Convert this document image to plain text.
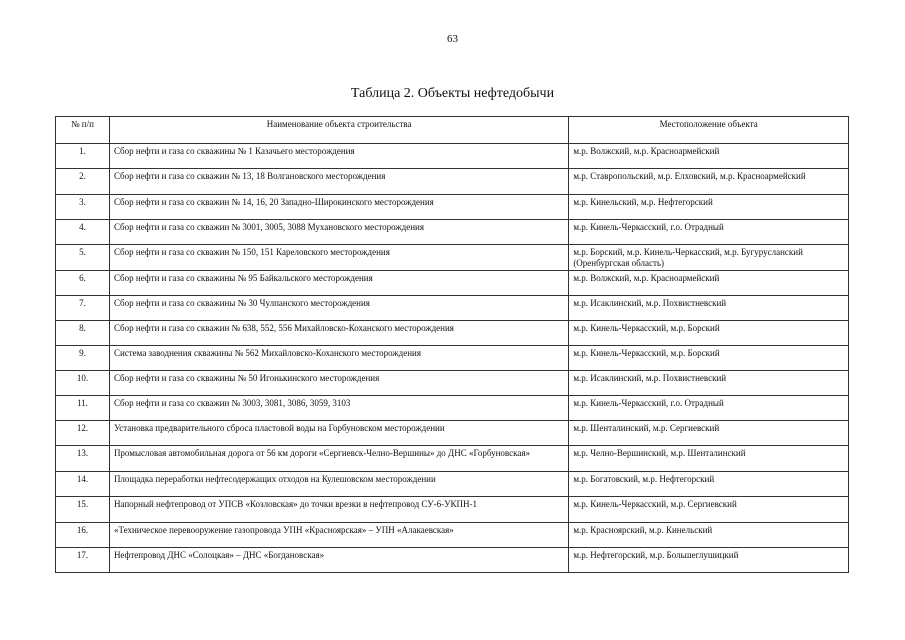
63
Таблица 2. Объекты нефтедобычи
№ п/п	Наименование объекта строительства	Местоположение объекта
1.	Сбор нефти и газа со скважины № 1 Казачьего месторождения	м.р. Волжский, м.р. Красноармейский
2.	Сбор нефти и газа со скважин № 13, 18 Волгановского месторождения	м.р. Ставропольский, м.р. Елховский, м.р. Красноармейский
3.	Сбор нефти и газа со скважин № 14, 16, 20 Западно-Широкинского месторождения	м.р. Кинельский, м.р. Нефтегорский
4.	Сбор нефти и газа со скважин № 3001, 3005, 3088 Мухановского месторождения	м.р. Кинель-Черкасский, г.о. Отрадный
5.	Сбор нефти и газа со скважин № 150, 151 Кареловского месторождения	м.р. Борский, м.р. Кинель-Черкасский, м.р. Бугурусланский (Оренбургская область)
6.	Сбор нефти и газа со скважины № 95 Байкальского месторождения	м.р. Волжский, м.р. Красноармейский
7.	Сбор нефти и газа со скважины № 30 Чулпанского месторождения	м.р. Исаклинский, м.р. Похвистневский
8.	Сбор нефти и газа со скважин № 638, 552, 556 Михайловско-Коханского месторождения	м.р. Кинель-Черкасский, м.р. Борский
9.	Система заводнения скважины № 562 Михайловско-Коханского месторождения	м.р. Кинель-Черкасский, м.р. Борский
10.	Сбор нефти и газа со скважины № 50 Игонькинского месторождения	м.р. Исаклинский, м.р. Похвистневский
11.	Сбор нефти и газа со скважин № 3003, 3081, 3086, 3059, 3103	м.р. Кинель-Черкасский, г.о. Отрадный
12.	Установка предварительного сброса пластовой воды на Горбуновском месторождении	м.р. Шенталинский, м.р. Сергиевский
13.	Промысловая автомобильная дорога от 56 км дороги «Сергиевск-Челно-Вершины» до ДНС «Горбуновская»	м.р. Челно-Вершинский, м.р. Шенталинский
14.	Площадка переработки нефтесодержащих отходов на Кулешовском месторождении	м.р. Богатовский, м.р. Нефтегорский
15.	Напорный нефтепровод от УПСВ «Козловская» до точки врезки в нефтепровод СУ-6-УКПН-1	м.р. Кинель-Черкасский, м.р. Сергиевский
16.	«Техническое перевооружение газопровода УПН «Красноярская» – УПН «Алакаевская»	м.р. Красноярский, м.р. Кинельский
17.	Нефтепровод ДНС «Солоцкая» – ДНС «Богдановская»	м.р. Нефтегорский, м.р. Большеглушицкий
